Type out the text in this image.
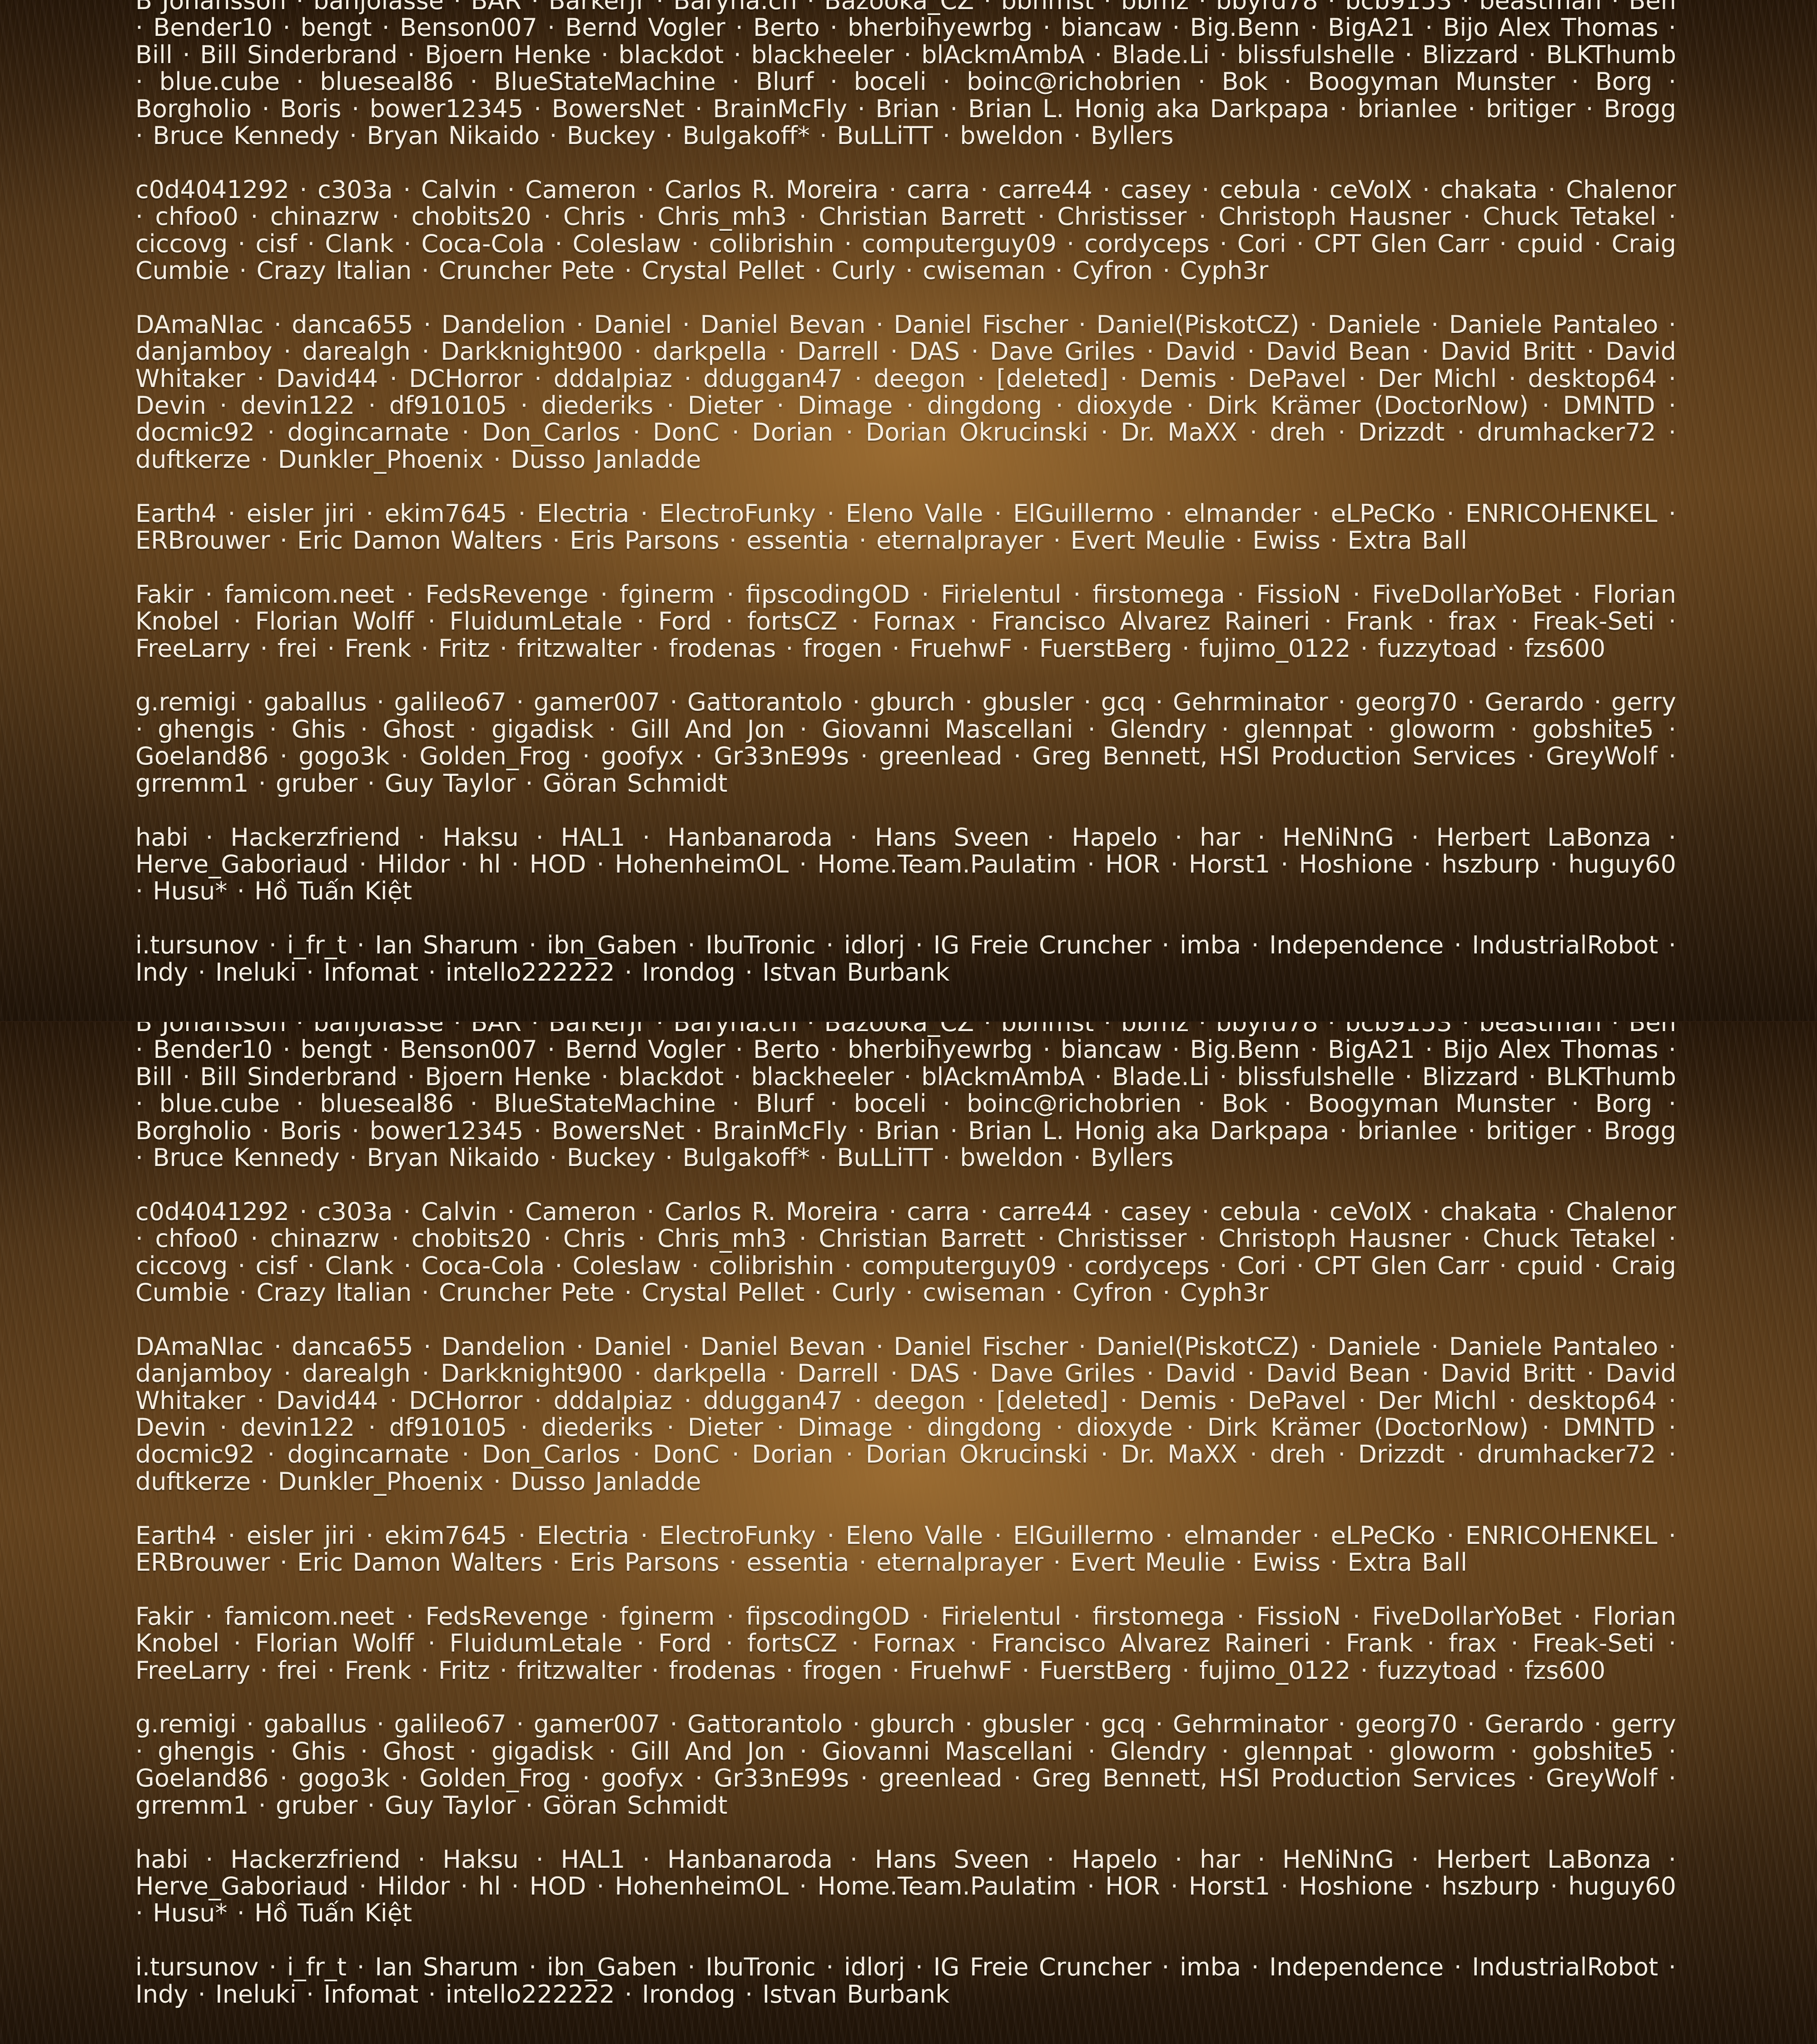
B Johansson · banjolasse · BAR · BarkerJr · Baryna.ch · Bazooka_CZ · bbhmst · bbmz · bbyrd78 · bcb9153 · beastman · Ben · Bender10 · bengt · Benson007 · Bernd Vogler · Berto · bherbihyewrbg · biancaw · Big.Benn · BigA21 · Bijo Alex Thomas · Bill · Bill Sinderbrand · Bjoern Henke · blackdot · blackheeler · blAckmAmbA · Blade.Li · blissfulshelle · Blizzard · BLKThumb · blue.cube · blueseal86 · BlueStateMachine · Blurf · boceli · boinc@richobrien · Bok · Boogyman Munster · Borg · Borgholio · Boris · bower12345 · BowersNet · BrainMcFly · Brian · Brian L. Honig aka Darkpapa · brianlee · britiger · Brogg · Bruce Kennedy · Bryan Nikaido · Buckey · Bulgakoff* · BuLLiTT · bweldon · Byllers
c0d4041292 · c303a · Calvin · Cameron · Carlos R. Moreira · carra · carre44 · casey · cebula · ceVoIX · chakata · Chalenor · chfoo0 · chinazrw · chobits20 · Chris · Chris_mh3 · Christian Barrett · Christisser · Christoph Hausner · Chuck Tetakel · ciccovg · cisf · Clank · Coca-Cola · Coleslaw · colibrishin · computerguy09 · cordyceps · Cori · CPT Glen Carr · cpuid · Craig Cumbie · Crazy Italian · Cruncher Pete · Crystal Pellet · Curly · cwiseman · Cyfron · Cyph3r
DAmaNIac · danca655 · Dandelion · Daniel · Daniel Bevan · Daniel Fischer · Daniel(PiskotCZ) · Daniele · Daniele Pantaleo · danjamboy · darealgh · Darkknight900 · darkpella · Darrell · DAS · Dave Griles · David · David Bean · David Britt · David Whitaker · David44 · DCHorror · dddalpiaz · dduggan47 · deegon · [deleted] · Demis · DePavel · Der Michl · desktop64 · Devin · devin122 · df910105 · diederiks · Dieter · Dimage · dingdong · dioxyde · Dirk Krämer (DoctorNow) · DMNTD · docmic92 · dogincarnate · Don_Carlos · DonC · Dorian · Dorian Okrucinski · Dr. MaXX · dreh · Drizzdt · drumhacker72 · duftkerze · Dunkler_Phoenix · Dusso Janladde
Earth4 · eisler jiri · ekim7645 · Electria · ElectroFunky · Eleno Valle · ElGuillermo · elmander · eLPeCKo · ENRICOHENKEL · ERBrouwer · Eric Damon Walters · Eris Parsons · essentia · eternalprayer · Evert Meulie · Ewiss · Extra Ball
Fakir · famicom.neet · FedsRevenge · fginerm · fipscodingOD · Firielentul · firstomega · FissioN · FiveDollarYoBet · Florian Knobel · Florian Wolff · FluidumLetale · Ford · fortsCZ · Fornax · Francisco Alvarez Raineri · Frank · frax · Freak-Seti · FreeLarry · frei · Frenk · Fritz · fritzwalter · frodenas · frogen · FruehwF · FuerstBerg · fujimo_0122 · fuzzytoad · fzs600
g.remigi · gaballus · galileo67 · gamer007 · Gattorantolo · gburch · gbusler · gcq · Gehrminator · georg70 · Gerardo · gerry · ghengis · Ghis · Ghost · gigadisk · Gill And Jon · Giovanni Mascellani · Glendry · glennpat · gloworm · gobshite5 · Goeland86 · gogo3k · Golden_Frog · goofyx · Gr33nE99s · greenlead · Greg Bennett, HSI Production Services · GreyWolf · grremm1 · gruber · Guy Taylor · Göran Schmidt
habi · Hackerzfriend · Haksu · HAL1 · Hanbanaroda · Hans Sveen · Hapelo · har · HeNiNnG · Herbert LaBonza · Herve_Gaboriaud · Hildor · hl · HOD · HohenheimOL · Home.Team.Paulatim · HOR · Horst1 · Hoshione · hszburp · huguy60 · Husu* · Hồ Tuấn Kiệt
i.tursunov · i_fr_t · Ian Sharum · ibn_Gaben · IbuTronic · idlorj · IG Freie Cruncher · imba · Independence · IndustrialRobot · Indy · Ineluki · Infomat · intello222222 · Irondog · Istvan Burbank
B Johansson · banjolasse · BAR · BarkerJr · Baryna.ch · Bazooka_CZ · bbhmst · bbmz · bbyrd78 · bcb9153 · beastman · Ben · Bender10 · bengt · Benson007 · Bernd Vogler · Berto · bherbihyewrbg · biancaw · Big.Benn · BigA21 · Bijo Alex Thomas · Bill · Bill Sinderbrand · Bjoern Henke · blackdot · blackheeler · blAckmAmbA · Blade.Li · blissfulshelle · Blizzard · BLKThumb · blue.cube · blueseal86 · BlueStateMachine · Blurf · boceli · boinc@richobrien · Bok · Boogyman Munster · Borg · Borgholio · Boris · bower12345 · BowersNet · BrainMcFly · Brian · Brian L. Honig aka Darkpapa · brianlee · britiger · Brogg · Bruce Kennedy · Bryan Nikaido · Buckey · Bulgakoff* · BuLLiTT · bweldon · Byllers
c0d4041292 · c303a · Calvin · Cameron · Carlos R. Moreira · carra · carre44 · casey · cebula · ceVoIX · chakata · Chalenor · chfoo0 · chinazrw · chobits20 · Chris · Chris_mh3 · Christian Barrett · Christisser · Christoph Hausner · Chuck Tetakel · ciccovg · cisf · Clank · Coca-Cola · Coleslaw · colibrishin · computerguy09 · cordyceps · Cori · CPT Glen Carr · cpuid · Craig Cumbie · Crazy Italian · Cruncher Pete · Crystal Pellet · Curly · cwiseman · Cyfron · Cyph3r
DAmaNIac · danca655 · Dandelion · Daniel · Daniel Bevan · Daniel Fischer · Daniel(PiskotCZ) · Daniele · Daniele Pantaleo · danjamboy · darealgh · Darkknight900 · darkpella · Darrell · DAS · Dave Griles · David · David Bean · David Britt · David Whitaker · David44 · DCHorror · dddalpiaz · dduggan47 · deegon · [deleted] · Demis · DePavel · Der Michl · desktop64 · Devin · devin122 · df910105 · diederiks · Dieter · Dimage · dingdong · dioxyde · Dirk Krämer (DoctorNow) · DMNTD · docmic92 · dogincarnate · Don_Carlos · DonC · Dorian · Dorian Okrucinski · Dr. MaXX · dreh · Drizzdt · drumhacker72 · duftkerze · Dunkler_Phoenix · Dusso Janladde
Earth4 · eisler jiri · ekim7645 · Electria · ElectroFunky · Eleno Valle · ElGuillermo · elmander · eLPeCKo · ENRICOHENKEL · ERBrouwer · Eric Damon Walters · Eris Parsons · essentia · eternalprayer · Evert Meulie · Ewiss · Extra Ball
Fakir · famicom.neet · FedsRevenge · fginerm · fipscodingOD · Firielentul · firstomega · FissioN · FiveDollarYoBet · Florian Knobel · Florian Wolff · FluidumLetale · Ford · fortsCZ · Fornax · Francisco Alvarez Raineri · Frank · frax · Freak-Seti · FreeLarry · frei · Frenk · Fritz · fritzwalter · frodenas · frogen · FruehwF · FuerstBerg · fujimo_0122 · fuzzytoad · fzs600
g.remigi · gaballus · galileo67 · gamer007 · Gattorantolo · gburch · gbusler · gcq · Gehrminator · georg70 · Gerardo · gerry · ghengis · Ghis · Ghost · gigadisk · Gill And Jon · Giovanni Mascellani · Glendry · glennpat · gloworm · gobshite5 · Goeland86 · gogo3k · Golden_Frog · goofyx · Gr33nE99s · greenlead · Greg Bennett, HSI Production Services · GreyWolf · grremm1 · gruber · Guy Taylor · Göran Schmidt
habi · Hackerzfriend · Haksu · HAL1 · Hanbanaroda · Hans Sveen · Hapelo · har · HeNiNnG · Herbert LaBonza · Herve_Gaboriaud · Hildor · hl · HOD · HohenheimOL · Home.Team.Paulatim · HOR · Horst1 · Hoshione · hszburp · huguy60 · Husu* · Hồ Tuấn Kiệt
i.tursunov · i_fr_t · Ian Sharum · ibn_Gaben · IbuTronic · idlorj · IG Freie Cruncher · imba · Independence · IndustrialRobot · Indy · Ineluki · Infomat · intello222222 · Irondog · Istvan Burbank
